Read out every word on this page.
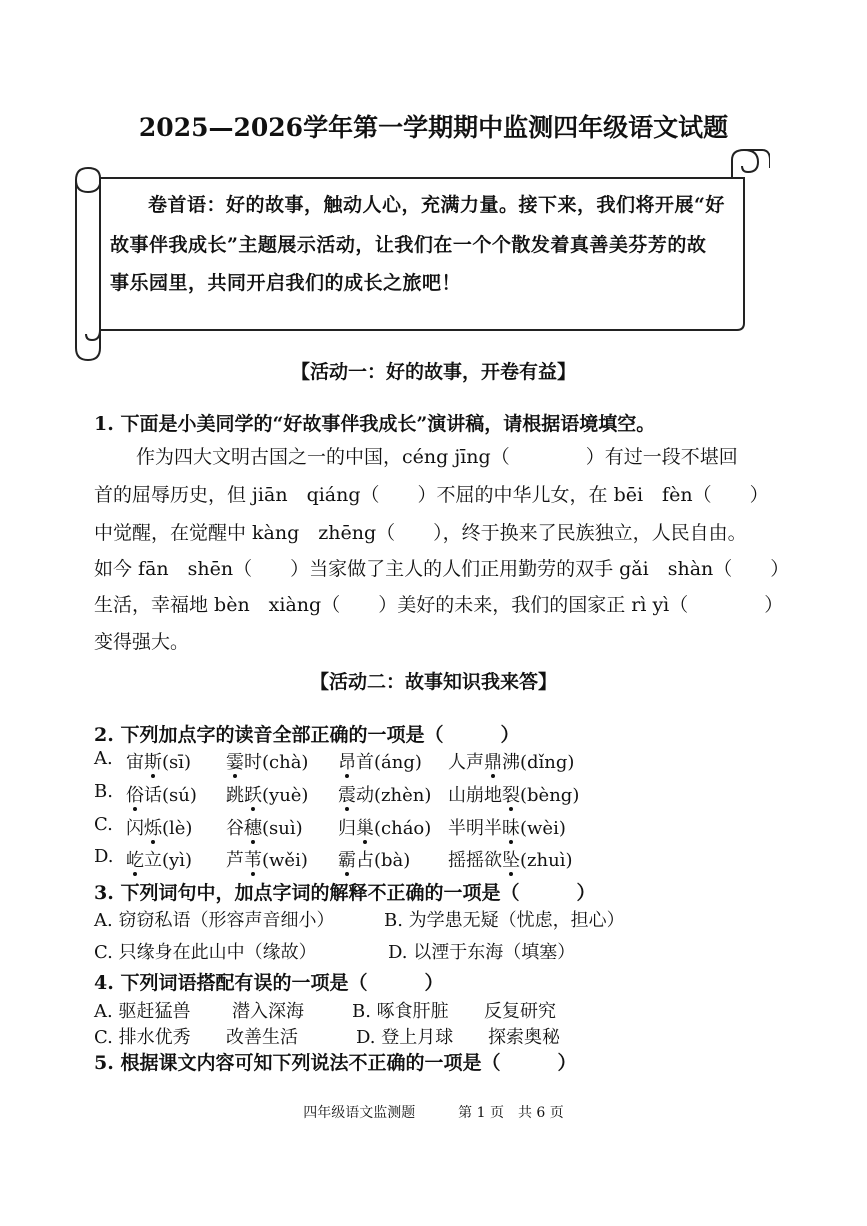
2025—2026学年第一学期期中监测四年级语文试题
卷首语：好的故事，触动人心，充满力量。接下来，我们将开展“好
故事伴我成长”主题展示活动，让我们在一个个散发着真善美芬芳的故
事乐园里，共同开启我们的成长之旅吧！
【活动一：好的故事，开卷有益】
1. 下面是小美同学的“好故事伴我成长”演讲稿，请根据语境填空。
作为四大文明古国之一的中国，céng jīng（　　　　）有过一段不堪回
首的屈辱历史，但 jiān　qiáng（　　）不屈的中华儿女，在 bēi　fèn（　　）
中觉醒，在觉醒中 kàng　zhēng（　　），终于换来了民族独立，人民自由。
如今 fān　shēn（　　）当家做了主人的人们正用勤劳的双手 gǎi　shàn（　　）
生活，幸福地 bèn　xiàng（　　）美好的未来，我们的国家正 rì yì（　　　　）
变得强大。
【活动二：故事知识我来答】
2. 下列加点字的读音全部正确的一项是（　　　）
A. 宙斯(sī) 霎时(chà) 昂首(áng) 人声鼎沸(dǐng)
B. 俗话(sú) 跳跃(yuè) 震动(zhèn) 山崩地裂(bèng)
C. 闪烁(lè) 谷穗(suì) 归巢(cháo) 半明半昧(wèi)
D. 屹立(yì) 芦苇(wěi) 霸占(bà) 摇摇欲坠(zhuì)
3. 下列词句中，加点字词的解释不正确的一项是（　　　）
A. 窃窃私语（形容声音细小）	B. 为学患无疑（忧虑，担心）
C. 只缘身在此山中（缘故）	D. 以湮于东海（填塞）
4. 下列词语搭配有误的一项是（　　　）
A. 驱赶猛兽 潜入深海	B. 啄食肝脏 反复研究
C. 排水优秀 改善生活	D. 登上月球 探索奥秘
5. 根据课文内容可知下列说法不正确的一项是（　　　）
四年级语文监测题	第 1 页　共 6 页
